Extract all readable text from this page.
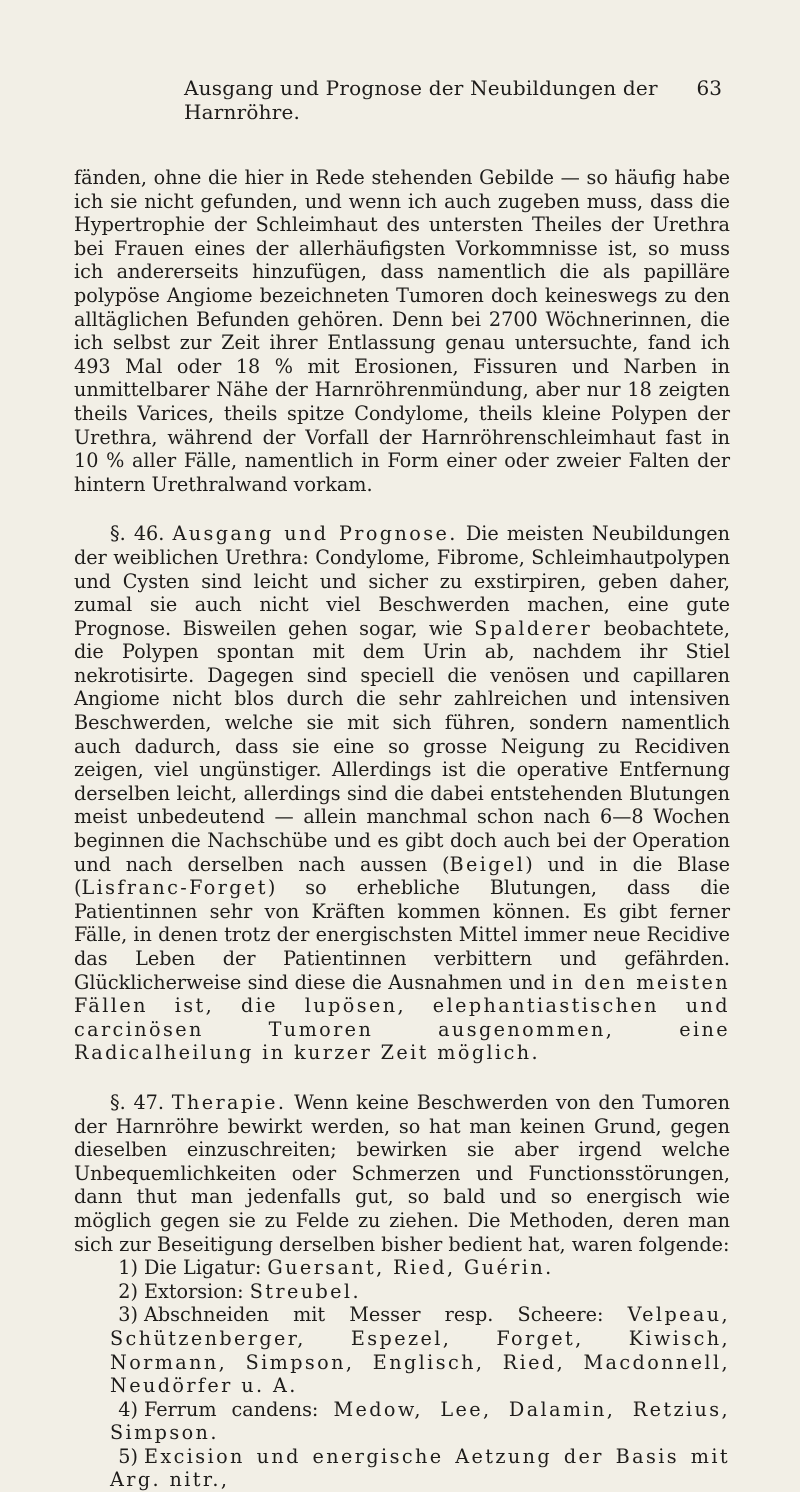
Ausgang und Prognose der Neubildungen der Harnröhre.
63

fänden, ohne die hier in Rede stehenden Gebilde — so häufig habe ich sie nicht gefunden, und wenn ich auch zugeben muss, dass die Hypertrophie der Schleimhaut des untersten Theiles der Urethra bei Frauen eines der allerhäufigsten Vorkommnisse ist, so muss ich andererseits hinzufügen, dass namentlich die als papilläre polypöse Angiome bezeichneten Tumoren doch keineswegs zu den alltäglichen Befunden gehören. Denn bei 2700 Wöchnerinnen, die ich selbst zur Zeit ihrer Entlassung genau untersuchte, fand ich 493 Mal oder 18 % mit Erosionen, Fissuren und Narben in unmittelbarer Nähe der Harnröhrenmündung, aber nur 18 zeigten theils Varices, theils spitze Condylome, theils kleine Polypen der Urethra, während der Vorfall der Harnröhrenschleimhaut fast in 10 % aller Fälle, namentlich in Form einer oder zweier Falten der hintern Urethralwand vorkam.

§. 46. Ausgang und Prognose. Die meisten Neubildungen der weiblichen Urethra: Condylome, Fibrome, Schleimhautpolypen und Cysten sind leicht und sicher zu exstirpiren, geben daher, zumal sie auch nicht viel Beschwerden machen, eine gute Prognose. Bisweilen gehen sogar, wie Spalderer beobachtete, die Polypen spontan mit dem Urin ab, nachdem ihr Stiel nekrotisirte. Dagegen sind speciell die venösen und capillaren Angiome nicht blos durch die sehr zahlreichen und intensiven Beschwerden, welche sie mit sich führen, sondern namentlich auch dadurch, dass sie eine so grosse Neigung zu Recidiven zeigen, viel ungünstiger. Allerdings ist die operative Entfernung derselben leicht, allerdings sind die dabei entstehenden Blutungen meist unbedeutend — allein manchmal schon nach 6—8 Wochen beginnen die Nachschübe und es gibt doch auch bei der Operation und nach derselben nach aussen (Beigel) und in die Blase (Lisfranc-Forget) so erhebliche Blutungen, dass die Patientinnen sehr von Kräften kommen können. Es gibt ferner Fälle, in denen trotz der energischsten Mittel immer neue Recidive das Leben der Patientinnen verbittern und gefährden. Glücklicherweise sind diese die Ausnahmen und in den meisten Fällen ist, die lupösen, elephantiastischen und carcinösen Tumoren ausgenommen, eine Radicalheilung in kurzer Zeit möglich.

§. 47. Therapie. Wenn keine Beschwerden von den Tumoren der Harnröhre bewirkt werden, so hat man keinen Grund, gegen dieselben einzuschreiten; bewirken sie aber irgend welche Unbequemlichkeiten oder Schmerzen und Functionsstörungen, dann thut man jedenfalls gut, so bald und so energisch wie möglich gegen sie zu Felde zu ziehen. Die Methoden, deren man sich zur Beseitigung derselben bisher bedient hat, waren folgende:

1) Die Ligatur: Guersant, Ried, Guérin.
2) Extorsion: Streubel.
3) Abschneiden mit Messer resp. Scheere: Velpeau, Schützenberger, Espezel, Forget, Kiwisch, Normann, Simpson, Englisch, Ried, Macdonnell, Neudörfer u. A.
4) Ferrum candens: Medow, Lee, Dalamin, Retzius, Simpson.
5) Excision und energische Aetzung der Basis mit Arg. nitr.,
